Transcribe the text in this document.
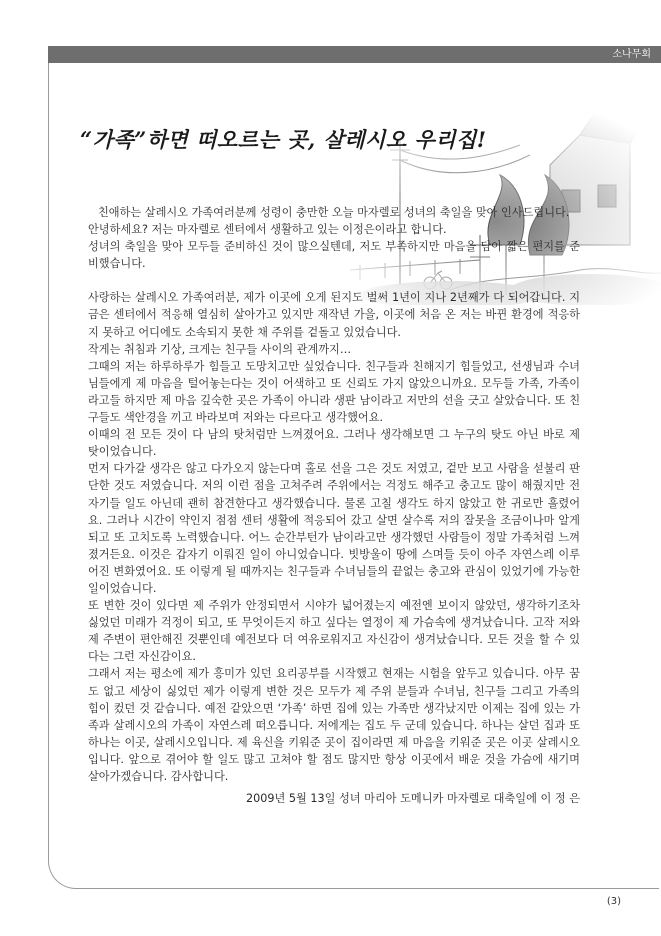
소나무회
“가족”하면 떠오르는 곳, 살레시오 우리집!

친애하는 살레시오 가족여러분께 성령이 충만한 오늘 마자렐로 성녀의 축일을 맞아 인사드립니다.

안녕하세요? 저는 마자렐로 센터에서 생활하고 있는 이정은이라고 합니다.

성녀의 축일을 맞아 모두들 준비하신 것이 많으실텐데, 저도 부족하지만 마음을 담아 짧은 편지를 준비했습니다.

사랑하는 살레시오 가족여러분, 제가 이곳에 오게 된지도 벌써 1년이 지나 2년째가 다 되어갑니다. 지금은 센터에서 적응해 열심히 살아가고 있지만 재작년 가을, 이곳에 처음 온 저는 바뀐 환경에 적응하지 못하고 어디에도 소속되지 못한 채 주위를 겉돌고 있었습니다.

작게는 취침과 기상, 크게는 친구들 사이의 관계까지…

그때의 저는 하루하루가 힘들고 도망치고만 싶었습니다. 친구들과 친해지기 힘들었고, 선생님과 수녀님들에게 제 마음을 털어놓는다는 것이 어색하고 또 신뢰도 가지 않았으니까요. 모두들 가족, 가족이라고들 하지만 제 마음 깊숙한 곳은 가족이 아니라 생판 남이라고 저만의 선을 긋고 살았습니다. 또 친구들도 색안경을 끼고 바라보며 저와는 다르다고 생각했어요.

이때의 전 모든 것이 다 남의 탓처럼만 느껴졌어요. 그러나 생각해보면 그 누구의 탓도 아닌 바로 제 탓이었습니다.

먼저 다가갈 생각은 않고 다가오지 않는다며 홀로 선을 그은 것도 저였고, 겉만 보고 사람을 섣불리 판단한 것도 저였습니다. 저의 이런 점을 고쳐주려 주위에서는 걱정도 해주고 충고도 많이 해줬지만 전 자기들 일도 아닌데 괜히 참견한다고 생각했습니다. 물론 고칠 생각도 하지 않았고 한 귀로만 흘렸어요. 그러나 시간이 약인지 점점 센터 생활에 적응되어 갔고 살면 살수록 저의 잘못을 조금이나마 알게 되고 또 고치도록 노력했습니다. 어느 순간부턴가 남이라고만 생각했던 사람들이 정말 가족처럼 느껴졌거든요. 이것은 갑자기 이뤄진 일이 아니었습니다. 빗방울이 땅에 스며들 듯이 아주 자연스레 이루어진 변화였어요. 또 이렇게 될 때까지는 친구들과 수녀님들의 끝없는 충고와 관심이 있었기에 가능한 일이었습니다.

또 변한 것이 있다면 제 주위가 안정되면서 시야가 넓어졌는지 예전엔 보이지 않았던, 생각하기조차 싫었던 미래가 걱정이 되고, 또 무엇이든지 하고 싶다는 열정이 제 가슴속에 생겨났습니다. 고작 저와 제 주변이 편안해진 것뿐인데 예전보다 더 여유로워지고 자신감이 생겨났습니다. 모든 것을 할 수 있다는 그런 자신감이요.

그래서 저는 평소에 제가 흥미가 있던 요리공부를 시작했고 현재는 시험을 앞두고 있습니다. 아무 꿈도 없고 세상이 싫었던 제가 이렇게 변한 것은 모두가 제 주위 분들과 수녀님, 친구들 그리고 가족의 힘이 컸던 것 같습니다. 예전 같았으면 ‘가족’ 하면 집에 있는 가족만 생각났지만 이제는 집에 있는 가족과 살레시오의 가족이 자연스레 떠오릅니다. 저에게는 집도 두 군데 있습니다. 하나는 살던 집과 또 하나는 이곳, 살레시오입니다. 제 육신을 키워준 곳이 집이라면 제 마음을 키워준 곳은 이곳 살레시오입니다. 앞으로 겪어야 할 일도 많고 고쳐야 할 점도 많지만 항상 이곳에서 배운 것을 가슴에 새기며 살아가겠습니다. 감사합니다.

2009년 5월 13일 성녀 마리아 도메니카 마자렐로 대축일에 이 정 은
(3)
